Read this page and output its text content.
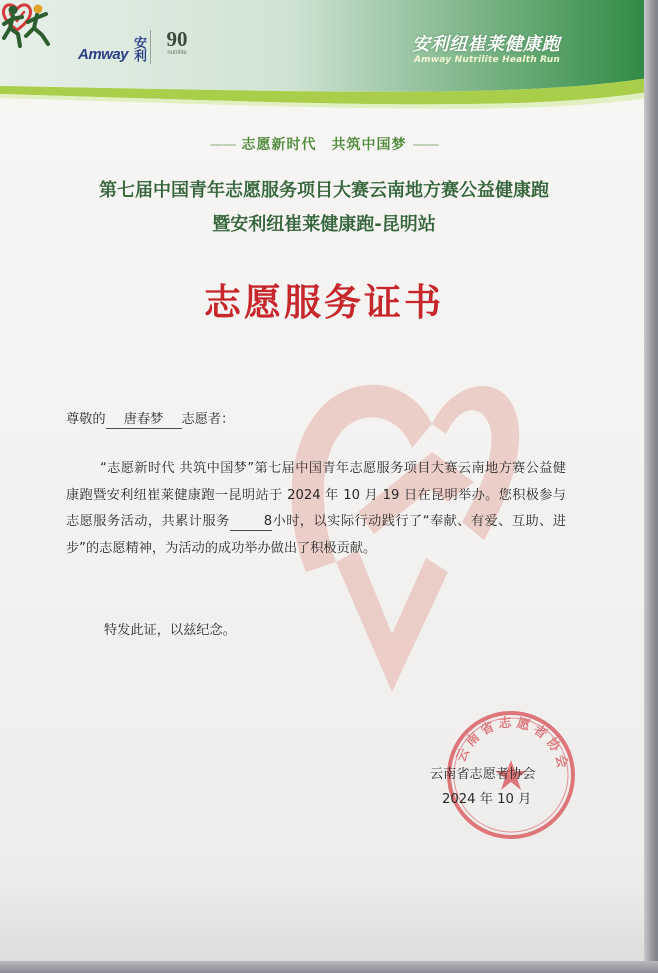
Amway 安利 90
nutrilite	安利纽崔莱健康跑
Amway Nutrilite Health Run
—— 志愿新时代　共筑中国梦 ——
第七届中国青年志愿服务项目大赛云南地方赛公益健康跑
暨安利纽崔莱健康跑-昆明站
志愿服务证书
尊敬的 唐春梦 志愿者：
“志愿新时代 共筑中国梦”第七届中国青年志愿服务项目大赛云南地方赛公益健康跑暨安利纽崔莱健康跑一昆明站于 2024 年 10 月 19 日在昆明举办。您积极参与志愿服务活动，共累计服务	8小时，以实际行动践行了“奉献、有爱、互助、进步”的志愿精神，为活动的成功举办做出了积极贡献。
特发此证，以兹纪念。
云南省志愿者协会
云南省志愿者协会
2024 年 10 月
